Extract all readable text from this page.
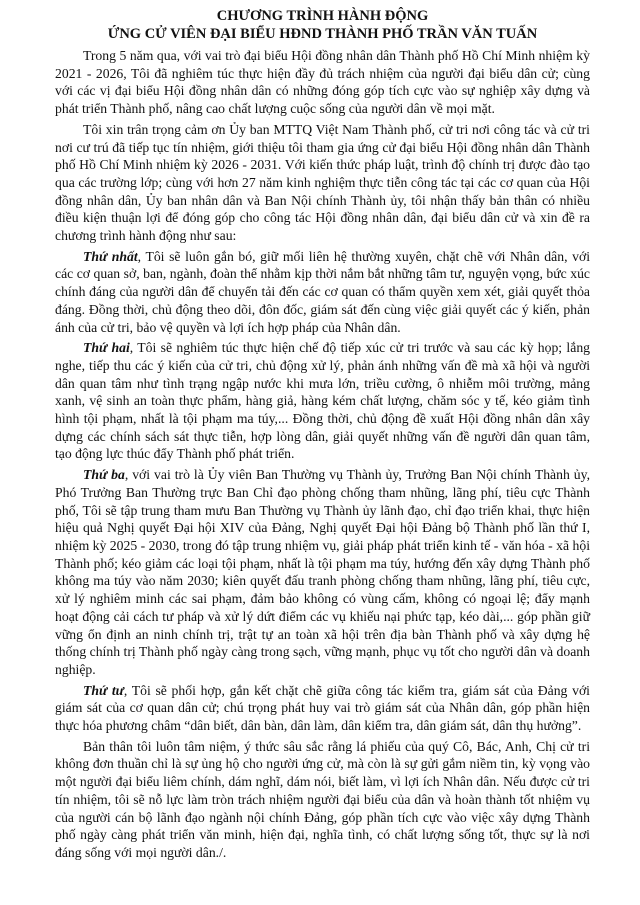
CHƯƠNG TRÌNH HÀNH ĐỘNG

ỨNG CỬ VIÊN ĐẠI BIỂU HĐND THÀNH PHỐ TRẦN VĂN TUẤN

Trong 5 năm qua, với vai trò đại biểu Hội đồng nhân dân Thành phố Hồ Chí Minh nhiệm kỳ 2021 - 2026, Tôi đã nghiêm túc thực hiện đầy đủ trách nhiệm của người đại biểu dân cử; cùng với các vị đại biểu Hội đồng nhân dân có những đóng góp tích cực vào sự nghiệp xây dựng và phát triển Thành phố, nâng cao chất lượng cuộc sống của người dân về mọi mặt.

Tôi xin trân trọng cảm ơn Ủy ban MTTQ Việt Nam Thành phố, cử tri nơi công tác và cử tri nơi cư trú đã tiếp tục tín nhiệm, giới thiệu tôi tham gia ứng cử đại biểu Hội đồng nhân dân Thành phố Hồ Chí Minh nhiệm kỳ 2026 - 2031. Với kiến thức pháp luật, trình độ chính trị được đào tạo qua các trường lớp; cùng với hơn 27 năm kinh nghiệm thực tiễn công tác tại các cơ quan của Hội đồng nhân dân, Ủy ban nhân dân và Ban Nội chính Thành ủy, tôi nhận thấy bản thân có nhiều điều kiện thuận lợi để đóng góp cho công tác Hội đồng nhân dân, đại biểu dân cử và xin đề ra chương trình hành động như sau:

Thứ nhất, Tôi sẽ luôn gắn bó, giữ mối liên hệ thường xuyên, chặt chẽ với Nhân dân, với các cơ quan sở, ban, ngành, đoàn thể nhằm kịp thời nắm bắt những tâm tư, nguyện vọng, bức xúc chính đáng của người dân để chuyển tải đến các cơ quan có thẩm quyền xem xét, giải quyết thỏa đáng. Đồng thời, chủ động theo dõi, đôn đốc, giám sát đến cùng việc giải quyết các ý kiến, phản ánh của cử tri, bảo vệ quyền và lợi ích hợp pháp của Nhân dân.

Thứ hai, Tôi sẽ nghiêm túc thực hiện chế độ tiếp xúc cử tri trước và sau các kỳ họp; lắng nghe, tiếp thu các ý kiến của cử tri, chủ động xử lý, phản ánh những vấn đề mà xã hội và người dân quan tâm như tình trạng ngập nước khi mưa lớn, triều cường, ô nhiễm môi trường, mảng xanh, vệ sinh an toàn thực phẩm, hàng giả, hàng kém chất lượng, chăm sóc y tế, kéo giảm tình hình tội phạm, nhất là tội phạm ma túy,... Đồng thời, chủ động đề xuất Hội đồng nhân dân xây dựng các chính sách sát thực tiễn, hợp lòng dân, giải quyết những vấn đề người dân quan tâm, tạo động lực thúc đẩy Thành phố phát triển.

Thứ ba, với vai trò là Ủy viên Ban Thường vụ Thành ủy, Trưởng Ban Nội chính Thành ủy, Phó Trưởng Ban Thường trực Ban Chỉ đạo phòng chống tham nhũng, lãng phí, tiêu cực Thành phố, Tôi sẽ tập trung tham mưu Ban Thường vụ Thành ủy lãnh đạo, chỉ đạo triển khai, thực hiện hiệu quả Nghị quyết Đại hội XIV của Đảng, Nghị quyết Đại hội Đảng bộ Thành phố lần thứ I, nhiệm kỳ 2025 - 2030, trong đó tập trung nhiệm vụ, giải pháp phát triển kinh tế - văn hóa - xã hội Thành phố; kéo giảm các loại tội phạm, nhất là tội phạm ma túy, hướng đến xây dựng Thành phố không ma túy vào năm 2030; kiên quyết đấu tranh phòng chống tham nhũng, lãng phí, tiêu cực, xử lý nghiêm minh các sai phạm, đảm bảo không có vùng cấm, không có ngoại lệ; đẩy mạnh hoạt động cải cách tư pháp và xử lý dứt điểm các vụ khiếu nại phức tạp, kéo dài,... góp phần giữ vững ổn định an ninh chính trị, trật tự an toàn xã hội trên địa bàn Thành phố và xây dựng hệ thống chính trị Thành phố ngày càng trong sạch, vững mạnh, phục vụ tốt cho người dân và doanh nghiệp.

Thứ tư, Tôi sẽ phối hợp, gắn kết chặt chẽ giữa công tác kiểm tra, giám sát của Đảng với giám sát của cơ quan dân cử; chú trọng phát huy vai trò giám sát của Nhân dân, góp phần hiện thực hóa phương châm “dân biết, dân bàn, dân làm, dân kiểm tra, dân giám sát, dân thụ hưởng”.

Bản thân tôi luôn tâm niệm, ý thức sâu sắc rằng lá phiếu của quý Cô, Bác, Anh, Chị cử tri không đơn thuần chỉ là sự ủng hộ cho người ứng cử, mà còn là sự gửi gắm niềm tin, kỳ vọng vào một người đại biểu liêm chính, dám nghĩ, dám nói, biết làm, vì lợi ích Nhân dân. Nếu được cử tri tín nhiệm, tôi sẽ nỗ lực làm tròn trách nhiệm người đại biểu của dân và hoàn thành tốt nhiệm vụ của người cán bộ lãnh đạo ngành nội chính Đảng, góp phần tích cực vào việc xây dựng Thành phố ngày càng phát triển văn minh, hiện đại, nghĩa tình, có chất lượng sống tốt, thực sự là nơi đáng sống với mọi người dân./.
